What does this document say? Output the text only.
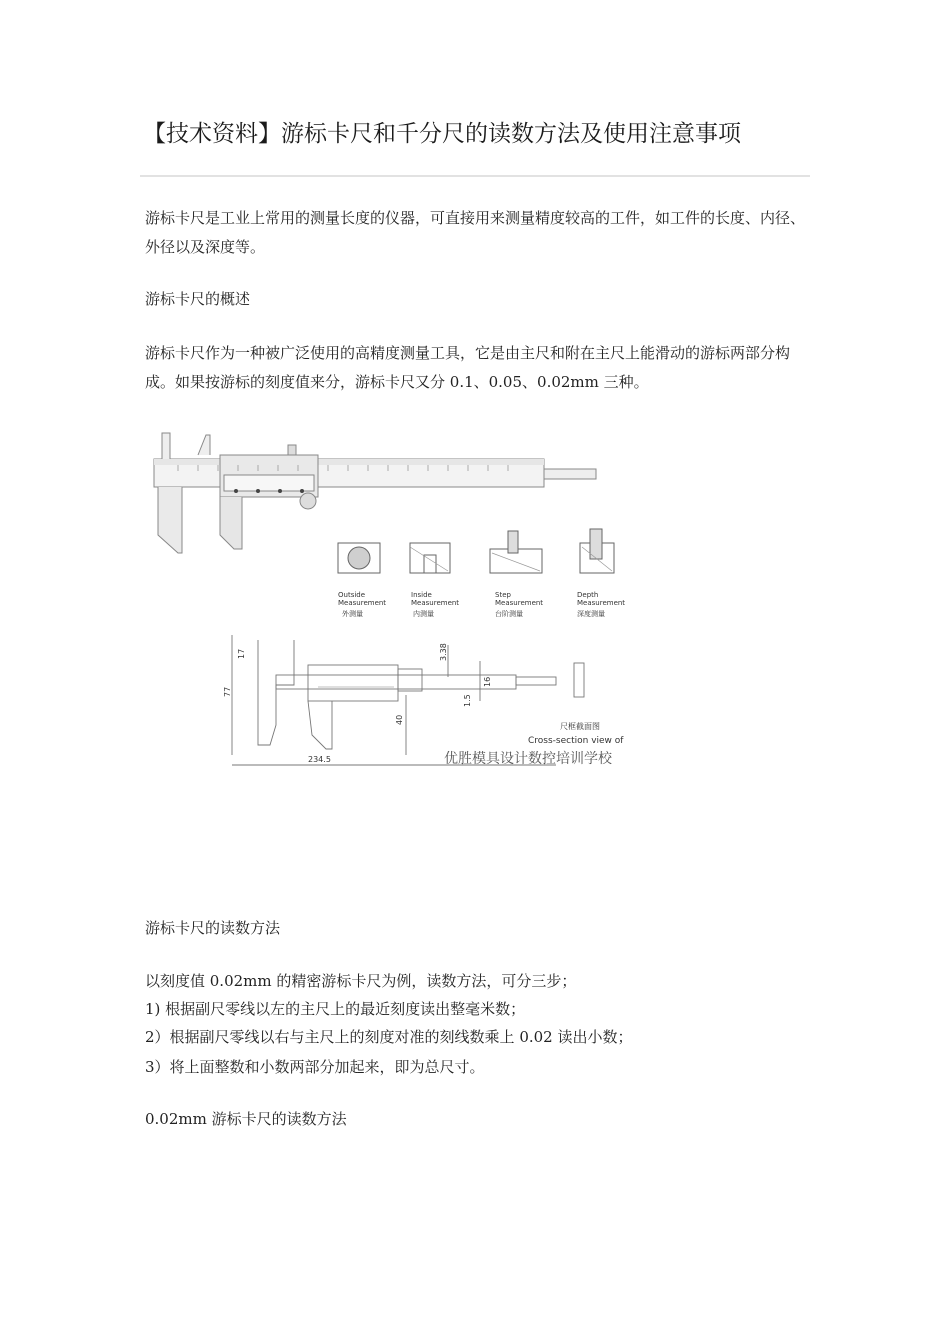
【技术资料】游标卡尺和千分尺的读数方法及使用注意事项
游标卡尺是工业上常用的测量长度的仪器，可直接用来测量精度较高的工件，如工件的长度、内径、外径以及深度等。
游标卡尺的概述
游标卡尺作为一种被广泛使用的高精度测量工具，它是由主尺和附在主尺上能滑动的游标两部分构成。如果按游标的刻度值来分，游标卡尺又分 0.1、0.05、0.02mm 三种。
Outside
Measurement
外测量
Inside
Measurement
内测量
Step
Measurement
台阶测量
Depth
Measurement
深度测量
17
77
40
234.5
3.38
16
1.5
尺框截面图
Cross-section view of
优胜模具设计数控培训学校
游标卡尺的读数方法
以刻度值 0.02mm 的精密游标卡尺为例，读数方法，可分三步；
1) 根据副尺零线以左的主尺上的最近刻度读出整毫米数；
2）根据副尺零线以右与主尺上的刻度对准的刻线数乘上 0.02 读出小数；
3）将上面整数和小数两部分加起来，即为总尺寸。
0.02mm 游标卡尺的读数方法
